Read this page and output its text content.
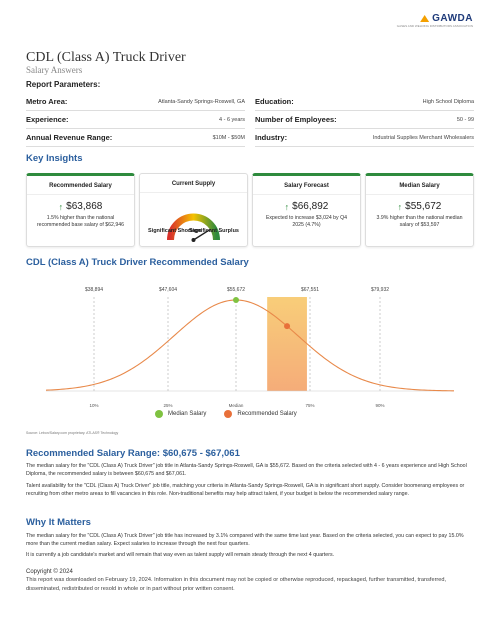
GAWDA
GASES AND WELDING DISTRIBUTORS ASSOCIATION
CDL (Class A) Truck Driver
Salary Answers
Report Parameters:
Metro Area:	Atlanta-Sandy Springs-Roswell, GA Education:	High School Diploma
Experience:	4 - 6 years Number of Employees:	50 - 99
Annual Revenue Range:	$10M - $50M Industry:	Industrial Supplies Merchant Wholesalers
Key Insights
Recommended Salary
↑ $63,868
1.5% higher than the national recommended base salary of $62,946
Current Supply
Significant Shortage
Significant Surplus
Salary Forecast
↑ $66,892
Expected to increase $3,024 by Q4 2025 (4.7%)
Median Salary
↑ $55,672
3.9% higher than the national median salary of $53,597
CDL (Class A) Truck Driver Recommended Salary
$38,894
10%
$47,604
25%
$55,672
Median
$67,551
75%
$79,932
90%
Median Salary	Recommended Salary
Source: Lebon/Salary.com proprietary. ATLAS® Technology
Recommended Salary Range: $60,675 - $67,061
The median salary for the "CDL (Class A) Truck Driver" job title in Atlanta-Sandy Springs-Roswell, GA is $55,672. Based on the criteria selected with 4 - 6 years experience and High School Diploma, the recommended salary is between $60,675 and $67,061.
Talent availability for the "CDL (Class A) Truck Driver" job title, matching your criteria in Atlanta-Sandy Springs-Roswell, GA is in significant short supply. Consider boomerang employees or recruiting from other metro areas to fill vacancies in this role. Non-traditional benefits may help attract talent, if your budget is below the recommended salary range.
Why It Matters
The median salary for the "CDL (Class A) Truck Driver" job title has increased by 3.1% compared with the same time last year. Based on the criteria selected, you can expect to pay 15.0% more than the current median salary. Expect salaries to increase through the next four quarters.
It is currently a job candidate's market and will remain that way even as talent supply will remain steady through the next 4 quarters.
Copyright © 2024
This report was downloaded on February 19, 2024. Information in this document may not be copied or otherwise reproduced, repackaged, further transmitted, transferred, disseminated, redistributed or resold in whole or in part without prior written consent.
